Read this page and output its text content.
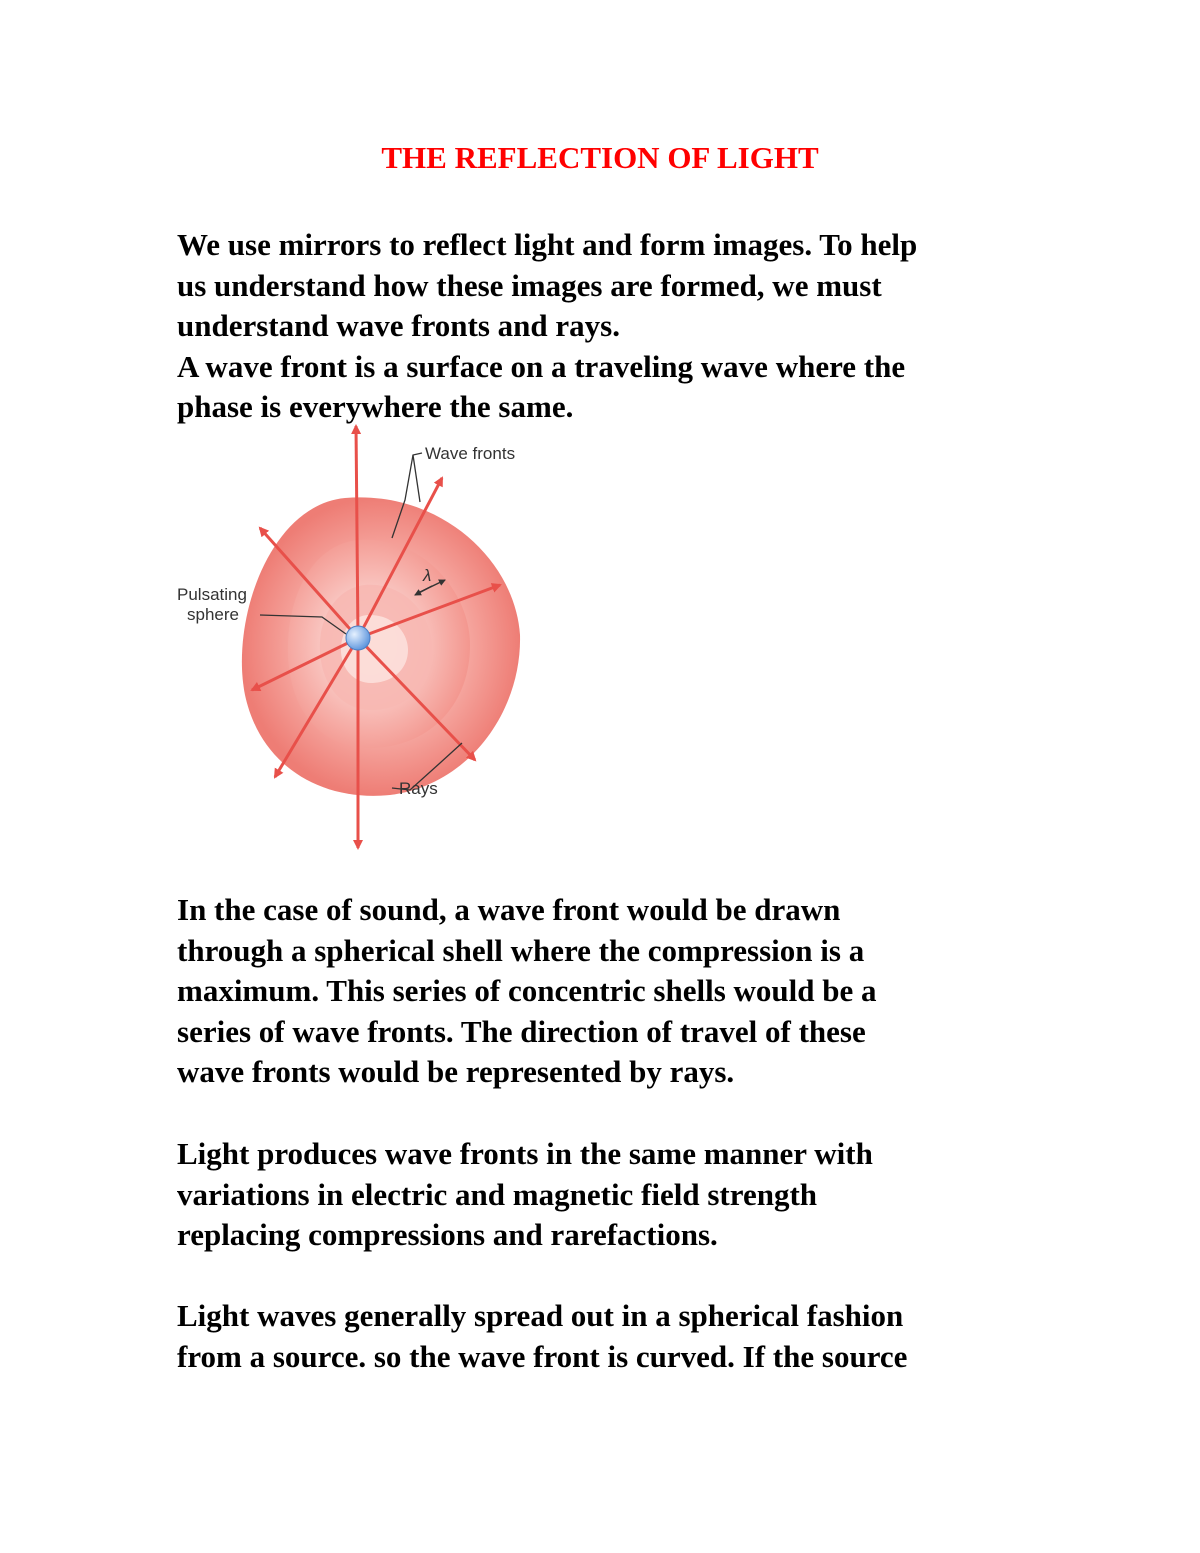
THE REFLECTION OF LIGHT
We use mirrors to reflect light and form images. To help
us understand how these images are formed, we must
understand wave fronts and rays.
A wave front is a surface on a traveling wave where the
phase is everywhere the same.
λ
Wave fronts
Pulsating
sphere
Rays
In the case of sound, a wave front would be drawn
through a spherical shell where the compression is a
maximum. This series of concentric shells would be a
series of wave fronts. The direction of travel of these
wave fronts would be represented by rays.
Light produces wave fronts in the same manner with
variations in electric and magnetic field strength
replacing compressions and rarefactions.
Light waves generally spread out in a spherical fashion
from a source. so the wave front is curved. If the source
